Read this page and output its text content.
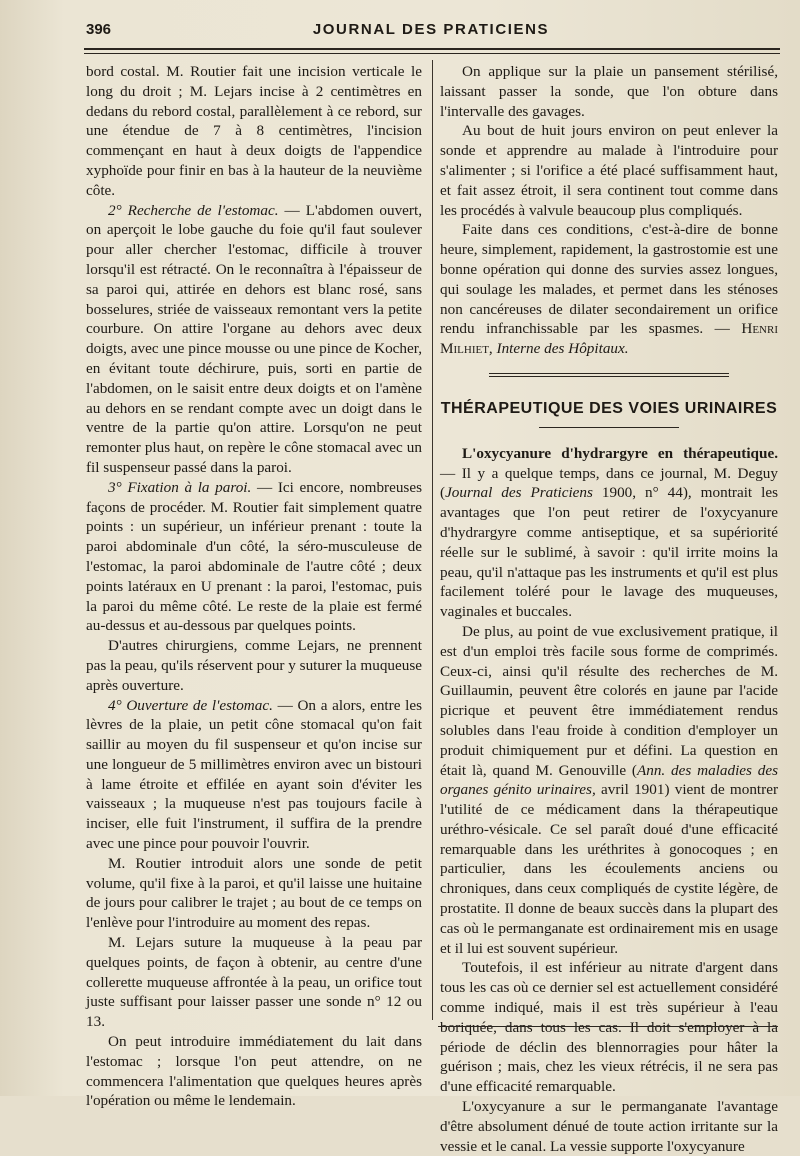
396	JOURNAL DES PRATICIENS

bord costal. M. Routier fait une incision verticale le long du droit ; M. Lejars incise à 2 centimètres en dedans du rebord costal, parallèlement à ce rebord, sur une étendue de 7 à 8 centimètres, l'incision commençant en haut à deux doigts de l'appendice xyphoïde pour finir en bas à la hauteur de la neuvième côte.

2° Recherche de l'estomac. — L'abdomen ouvert, on aperçoit le lobe gauche du foie qu'il faut soulever pour aller chercher l'estomac, difficile à trouver lorsqu'il est rétracté. On le reconnaîtra à l'épaisseur de sa paroi qui, attirée en dehors est blanc rosé, sans bosselures, striée de vaisseaux remontant vers la petite courbure. On attire l'organe au dehors avec deux doigts, avec une pince mousse ou une pince de Kocher, en évitant toute déchirure, puis, sorti en partie de l'abdomen, on le saisit entre deux doigts et on l'amène au dehors en se rendant compte avec un doigt dans le ventre de la partie qu'on attire. Lorsqu'on ne peut remonter plus haut, on repère le cône stomacal avec un fil suspenseur passé dans la paroi.

3° Fixation à la paroi. — Ici encore, nombreuses façons de procéder. M. Routier fait simplement quatre points : un supérieur, un inférieur prenant : toute la paroi abdominale d'un côté, la séro-musculeuse de l'estomac, la paroi abdominale de l'autre côté ; deux points latéraux en U prenant : la paroi, l'estomac, puis la paroi du même côté. Le reste de la plaie est fermé au-dessus et au-dessous par quelques points.

D'autres chirurgiens, comme Lejars, ne prennent pas la peau, qu'ils réservent pour y suturer la muqueuse après ouverture.

4° Ouverture de l'estomac. — On a alors, entre les lèvres de la plaie, un petit cône stomacal qu'on fait saillir au moyen du fil suspenseur et qu'on incise sur une longueur de 5 millimètres environ avec un bistouri à lame étroite et effilée en ayant soin d'éviter les vaisseaux ; la muqueuse n'est pas toujours facile à inciser, elle fuit l'instrument, il suffira de la prendre avec une pince pour pouvoir l'ouvrir.

M. Routier introduit alors une sonde de petit volume, qu'il fixe à la paroi, et qu'il laisse une huitaine de jours pour calibrer le trajet ; au bout de ce temps on l'enlève pour l'introduire au moment des repas.

M. Lejars suture la muqueuse à la peau par quelques points, de façon à obtenir, au centre d'une collerette muqueuse affrontée à la peau, un orifice tout juste suffisant pour laisser passer une sonde n° 12 ou 13.

On peut introduire immédiatement du lait dans l'estomac ; lorsque l'on peut attendre, on ne commencera l'alimentation que quelques heures après l'opération ou même le lendemain.

On applique sur la plaie un pansement stérilisé, laissant passer la sonde, que l'on obture dans l'intervalle des gavages.

Au bout de huit jours environ on peut enlever la sonde et apprendre au malade à l'introduire pour s'alimenter ; si l'orifice a été placé suffisamment haut, et fait assez étroit, il sera continent tout comme dans les procédés à valvule beaucoup plus compliqués.

Faite dans ces conditions, c'est-à-dire de bonne heure, simplement, rapidement, la gastrostomie est une bonne opération qui donne des survies assez longues, qui soulage les malades, et permet dans les sténoses non cancéreuses de dilater secondairement un orifice rendu infranchissable par les spasmes. — Henri Milhiet, Interne des Hôpitaux.

THÉRAPEUTIQUE DES VOIES URINAIRES

L'oxycyanure d'hydrargyre en thérapeutique. — Il y a quelque temps, dans ce journal, M. Deguy (Journal des Praticiens 1900, n° 44), montrait les avantages que l'on peut retirer de l'oxycyanure d'hydrargyre comme antiseptique, et sa supériorité réelle sur le sublimé, à savoir : qu'il irrite moins la peau, qu'il n'attaque pas les instruments et qu'il est plus facilement toléré pour le lavage des muqueuses, vaginales et buccales.

De plus, au point de vue exclusivement pratique, il est d'un emploi très facile sous forme de comprimés. Ceux-ci, ainsi qu'il résulte des recherches de M. Guillaumin, peuvent être colorés en jaune par l'acide picrique et peuvent être immédiatement rendus solubles dans l'eau froide à condition d'employer un produit chimiquement pur et défini. La question en était là, quand M. Genouville (Ann. des maladies des organes génito urinaires, avril 1901) vient de montrer l'utilité de ce médicament dans la thérapeutique uréthro-vésicale. Ce sel paraît doué d'une efficacité remarquable dans les uréthrites à gonocoques ; en particulier, dans les écoulements anciens ou chroniques, dans ceux compliqués de cystite légère, de prostatite. Il donne de beaux succès dans la plupart des cas où le permanganate est ordinairement mis en usage et il lui est souvent supérieur.

Toutefois, il est inférieur au nitrate d'argent dans tous les cas où ce dernier sel est actuellement considéré comme indiqué, mais il est très supérieur à l'eau boriquée, dans tous les cas. Il doit s'employer à la période de déclin des blennorragies pour hâter la guérison ; mais, chez les vieux rétrécis, il ne sera pas d'une efficacité remarquable.

L'oxycyanure a sur le permanganate l'avantage d'être absolument dénué de toute action irritante sur la vessie et le canal. La vessie supporte l'oxycyanure
